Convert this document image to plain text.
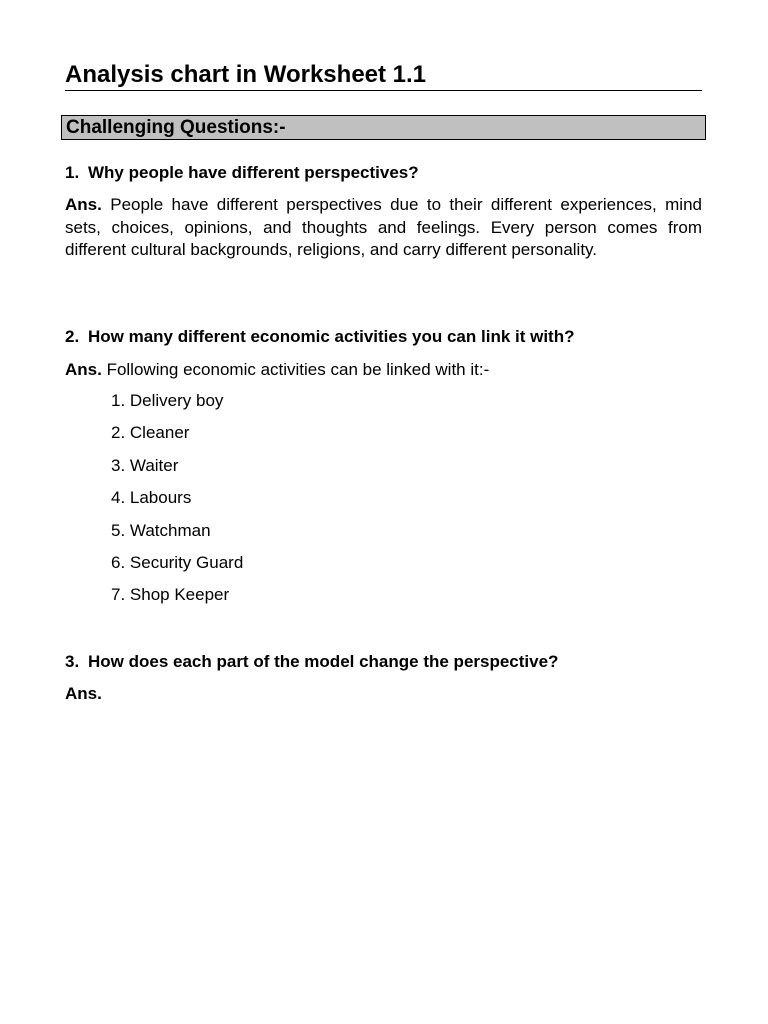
Analysis chart in Worksheet 1.1
Challenging Questions:-
1. Why people have different perspectives?
Ans. People have different perspectives due to their different experiences, mind sets, choices, opinions, and thoughts and feelings. Every person comes from different cultural backgrounds, religions, and carry different personality.
2. How many different economic activities you can link it with?
Ans. Following economic activities can be linked with it:-
1. Delivery boy
2. Cleaner
3. Waiter
4. Labours
5. Watchman
6. Security Guard
7. Shop Keeper
3. How does each part of the model change the perspective?
Ans.
